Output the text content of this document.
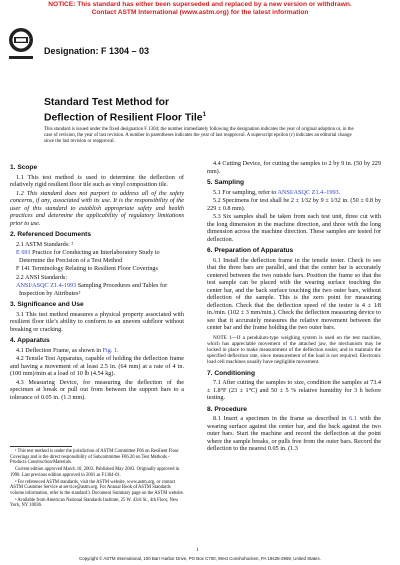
NOTICE: This standard has either been superseded and replaced by a new version or withdrawn.
Contact ASTM International (www.astm.org) for the latest information
Designation: F 1304 – 03
Standard Test Method for
Deflection of Resilient Floor Tile$^1$
This standard is issued under the fixed designation F 1304; the number immediately following the designation indicates the year of original adoption or, in the case of revision, the year of last revision. A number in parentheses indicates the year of last reapproval. A superscript epsilon (ε) indicates an editorial change since the last revision or reapproval.
1. Scope

1.1 This test method is used to determine the deflection of relatively rigid resilient floor tile such as vinyl composition tile.

1.2 This standard does not purport to address all of the safety concerns, if any, associated with its use. It is the responsibility of the user of this standard to establish appropriate safety and health practices and determine the applicability of regulatory limitations prior to use.

2. Referenced Documents

2.1 ASTM Standards: ²

E 691 Practice for Conducting an Interlaboratory Study to Determine the Precision of a Test Method
F 141 Terminology Relating to Resilient Floor Coverings

2.2 ANSI Standards:

ANSI/ASQC Z1.4-1993 Sampling Procedures and Tables for Inspection by Attributes³
3. Significance and Use

3.1 This test method measures a physical property associated with resilient floor tile’s ability to conform to an uneven subfloor without breaking or cracking.

4. Apparatus

4.1 Deflection Frame, as shown in Fig. 1.

4.2 Tensile Test Apparatus, capable of holding the deflection frame and having a movement of at least 2.5 in. (64 mm) at a rate of 4 in. (100 mm)/min at a load of 10 lb (4.54 kg).

4.3 Measuring Device, for measuring the deflection of the specimen at break or pull out from between the support bars to a tolerance of 0.05 in. (1.3 mm).

¹ This test method is under the jurisdiction of ASTM Committee F06 on Resilient Floor Coverings and is the direct responsibility of Subcommittee F06.20 on Test Methods - Products Construction/Materials.
Current edition approved March 10, 2003. Published May 2003. Originally approved in 1990. Last previous edition approved in 2001 as F1304-01.
² For referenced ASTM standards, visit the ASTM website, www.astm.org, or contact ASTM Customer Service at service@astm.org. For Annual Book of ASTM Standards volume information, refer to the standard’s Document Summary page on the ASTM website.
³ Available from American National Standards Institute, 25 W. 43rd St., 4th Floor, New York, NY 10036.

4.4 Cutting Device, for cutting the samples to 2 by 9 in. (50 by 229 mm).

5. Sampling

5.1 For sampling, refer to ANSI/ASQC Z1.4–1993.

5.2 Specimens for test shall be 2 ± 1⁄32 by 9 ± 1⁄32 in. (50 ± 0.8 by 229 ± 0.8 mm).

5.3 Six samples shall be taken from each test unit, three cut with the long dimension in the machine direction, and three with the long dimension across the machine direction. These samples are tested for deflection.

6. Preparation of Apparatus

6.1 Install the deflection frame in the tensile tester. Check to see that the three bars are parallel, and that the center bar is accurately centered between the two outside bars. Position the frame so that the test sample can be placed with the wearing surface touching the center bar, and the back surface touching the two outer bars, without deflection of the sample. This is the zero point for measuring deflection. Check that the deflection speed of the tester is 4 ± 1⁄8 in./min. (102 ± 3 mm/min.). Check the deflection measuring device to see that it accurately measures the relative movement between the center bar and the frame holding the two outer bars.

NOTE 1—If a pendulum-type weighing system is used on the test machine, which has appreciable movement of the attached jaw, the mechanism may be locked in place to make measurement of the deflection easier, and to maintain the specified deflection rate, since measurement of the load is not required. Electronic load cell machines usually have negligible movement.
7. Conditioning

7.1 After cutting the samples to size, condition the samples at 73.4 ± 1.8°F (23 ± 1°C) and 50 ± 5 % relative humidity for 3 h before testing.

8. Procedure

8.1 Insert a specimen in the frame as described in 6.1 with the wearing surface against the center bar, and the back against the two outer bars. Start the machine and record the deflection at the point where the sample breaks, or pulls free from the outer bars. Record the deflection to the nearest 0.05 in. (1.3

1
Copyright © ASTM International, 100 Barr Harbor Drive, PO Box C700, West Conshohocken, PA 19428-2959, United States.
